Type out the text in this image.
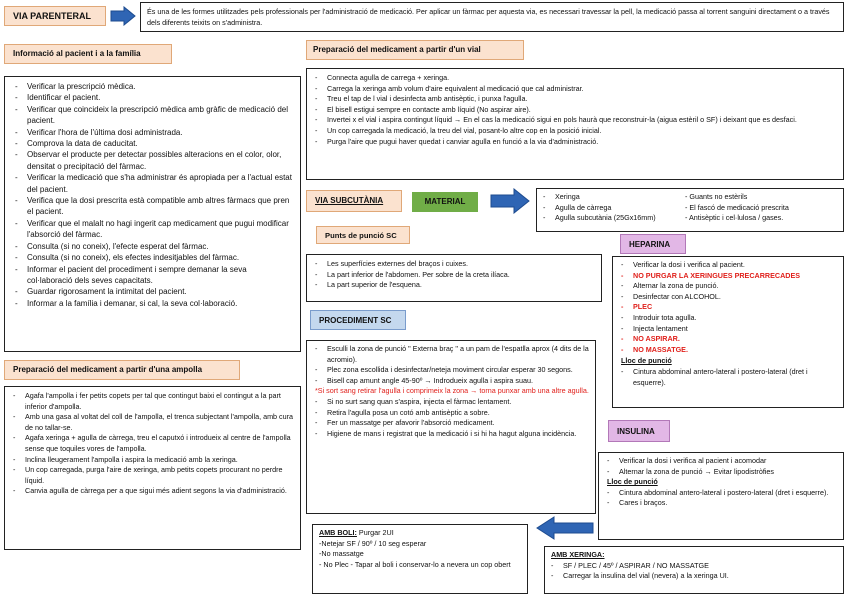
VIA PARENTERAL	És una de les formes utilitzades pels professionals per l'administració de medicació. Per aplicar un fàrmac per aquesta via, es necessari travessar la pell, la medicació passa al torrent sanguini directament o a través dels diferents teixits on s'administra.
Informació al pacient i a la família
- Verificar la prescripció mèdica.
- Identificar el pacient.
- Verificar que coincideix la prescripció mèdica amb gràfic de medicació del pacient.
- Verificar l'hora de l'última dosi administrada.
- Comprova la data de caducitat.
- Observar el producte per detectar possibles alteracions en el color, olor, densitat o precipitació del fàrmac.
- Verificar la medicació que s'ha administrar és apropiada per a l'actual estat del pacient.
- Verifica que la dosi prescrita està compatible amb altres fàrmacs que pren el pacient.
- Verificar que el malalt no hagi ingerit cap medicament que pugui modificar l'absorció del fàrmac.
- Consulta (si no coneix), l'efecte esperat del fàrmac.
- Consulta (si no coneix), els efectes indesitjables del fàrmac.
- Informar el pacient del procediment i sempre demanar la seva col·laboració dels seves capacitats.
- Guardar rigorosament la intimitat del pacient.
- Informar a la família i demanar, si cal, la seva col·laboració.
Preparació del medicament a partir d'un vial
- Connecta agulla de carrega + xeringa.
- Carrega la xeringa amb volum d'aire equivalent al medicació que cal administrar.
- Treu el tap de l vial i desinfecta amb antisèptic, i punxa l'agulla.
- El bisell estigui sempre en contacte amb líquid (No aspirar aire).
- Invertei x el vial i aspira contingut líquid → En el cas la medicació sigui en pols haurà que reconstruir-la (aigua estèril o SF) i deixant que es desfaci.
- Un cop carregada la medicació, la treu del vial, posant-lo altre cop en la posició inicial.
- Purga l'aire que pugui haver quedat i canviar agulla en funció a la via d'administració.
VIA SUBCUTÀNIA	MATERIAL
-	Xeringa	- Guants no estèrils
-	Agulla de càrrega	- El fascó de medicació prescrita
-	Agulla subcutània (25Gx16mm)	- Antisèptic i cel·lulosa / gases.
Punts de punció SC
- Les superfícies externes del braços i cuixes.
- La part inferior de l'abdomen. Per sobre de la creta ilíaca.
- La part superior de l'esquena.
HEPARINA
- Verificar la dosi i verifica al pacient.
- NO PURGAR LA XERINGUES PRECARRECADES
- Alternar la zona de punció.
- Desinfectar con ALCOHOL.
- PLEC
- Introduir tota agulla.
- Injecta lentament
- NO ASPIRAR.
- NO MASSATGE.
Lloc de punció
- Cintura abdominal antero-lateral i postero-lateral (dret i esquerre).
PROCEDIMENT SC
- Esculli la zona de punció " Externa braç " a un pam de l'espatlla aprox (4 dits de la acromio).
- Plec zona escollida i desinfectar/neteja moviment circular esperar 30 segons.
- Bisell cap amunt angle 45-90º → Indrodueix agulla i aspira suau.
*Si sort sang retirar l'agulla i comprimeix la zona → torna punxar amb una altre agulla.
- Si no surt sang quan s'aspira, injecta el fàrmac lentament.
- Retira l'agulla posa un cotó amb antisèptic a sobre.
- Fer un massatge per afavorir l'absorció medicament.
- Higiene de mans i registrat que la medicació i si hi ha hagut alguna incidència.	INSULINA
- Verificar la dosi i verifica al pacient i acomodar
- Alternar la zona de punció → Evitar lipodistròfies
Lloc de punció
- Cintura abdominal antero-lateral i postero-lateral (dret i esquerre).
- Cares i braços.
Preparació del medicament a partir d'una ampolla
- Agafa l'ampolla i fer petits copets per tal que contingut baixi el contingut a la part inferior d'ampolla.
- Amb una gasa al voltat del coll de l'ampolla, el trenca subjectant l'ampolla, amb cura de no tallar-se.
- Agafa xeringa + agulla de càrrega, treu el caputxó i introdueix al centre de l'ampolla sense que toquiles vores de l'ampolla.
- Inclina lleugerament l'ampolla i aspira la medicació amb la xeringa.
- Un cop carregada, purga l'aire de xeringa, amb petits copets procurant no perdre líquid.
- Canvia agulla de càrrega per a que sigui més adient segons la via d'administració.
AMB BOLI: Purgar 2UI
-Netejar SF / 90º / 10 seg esperar
-No massatge
- No Plec - Tapar al boli i conservar-lo a nevera un cop obert
AMB XERINGA:
- SF / PLEC / 45º / ASPIRAR / NO MASSATGE
- Carregar la insulina del vial (nevera) a la xeringa UI.
